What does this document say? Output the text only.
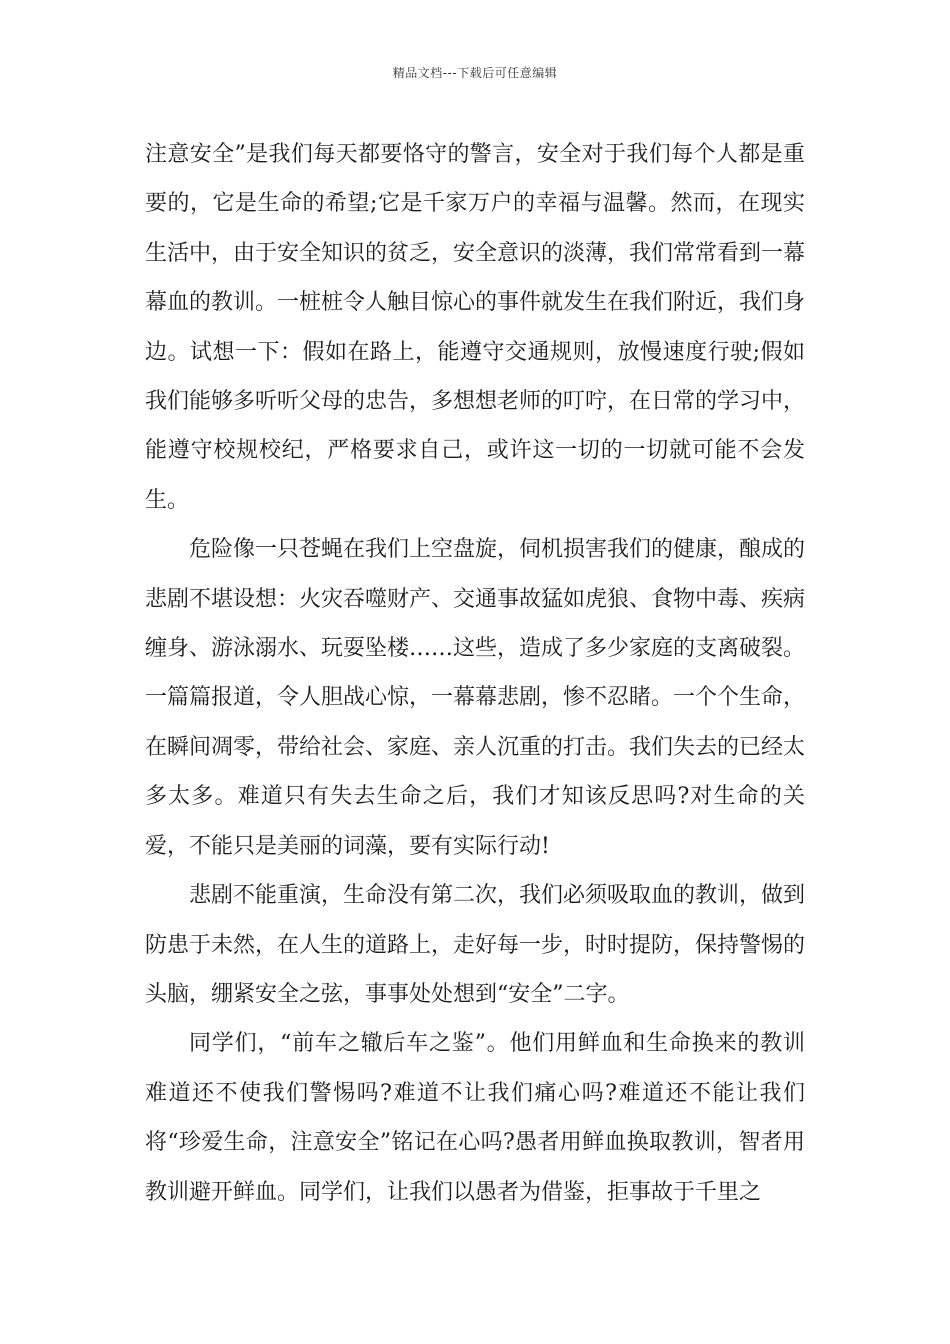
精品文档---下载后可任意编辑

注意安全”是我们每天都要恪守的警言，安全对于我们每个人都是重要的，它是生命的希望;它是千家万户的幸福与温馨。然而，在现实生活中，由于安全知识的贫乏，安全意识的淡薄，我们常常看到一幕幕血的教训。一桩桩令人触目惊心的事件就发生在我们附近，我们身边。试想一下：假如在路上，能遵守交通规则，放慢速度行驶;假如我们能够多听听父母的忠告，多想想老师的叮咛，在日常的学习中，能遵守校规校纪，严格要求自己，或许这一切的一切就可能不会发生。

危险像一只苍蝇在我们上空盘旋，伺机损害我们的健康，酿成的悲剧不堪设想：火灾吞噬财产、交通事故猛如虎狼、食物中毒、疾病缠身、游泳溺水、玩耍坠楼……这些，造成了多少家庭的支离破裂。一篇篇报道，令人胆战心惊，一幕幕悲剧，惨不忍睹。一个个生命，在瞬间凋零，带给社会、家庭、亲人沉重的打击。我们失去的已经太多太多。难道只有失去生命之后，我们才知该反思吗?对生命的关爱，不能只是美丽的词藻，要有实际行动!

悲剧不能重演，生命没有第二次，我们必须吸取血的教训，做到防患于未然，在人生的道路上，走好每一步，时时提防，保持警惕的头脑，绷紧安全之弦，事事处处想到“安全”二字。

同学们，“前车之辙后车之鉴”。他们用鲜血和生命换来的教训难道还不使我们警惕吗?难道不让我们痛心吗?难道还不能让我们将“珍爱生命，注意安全”铭记在心吗?愚者用鲜血换取教训，智者用教训避开鲜血。同学们，让我们以愚者为借鉴，拒事故于千里之
